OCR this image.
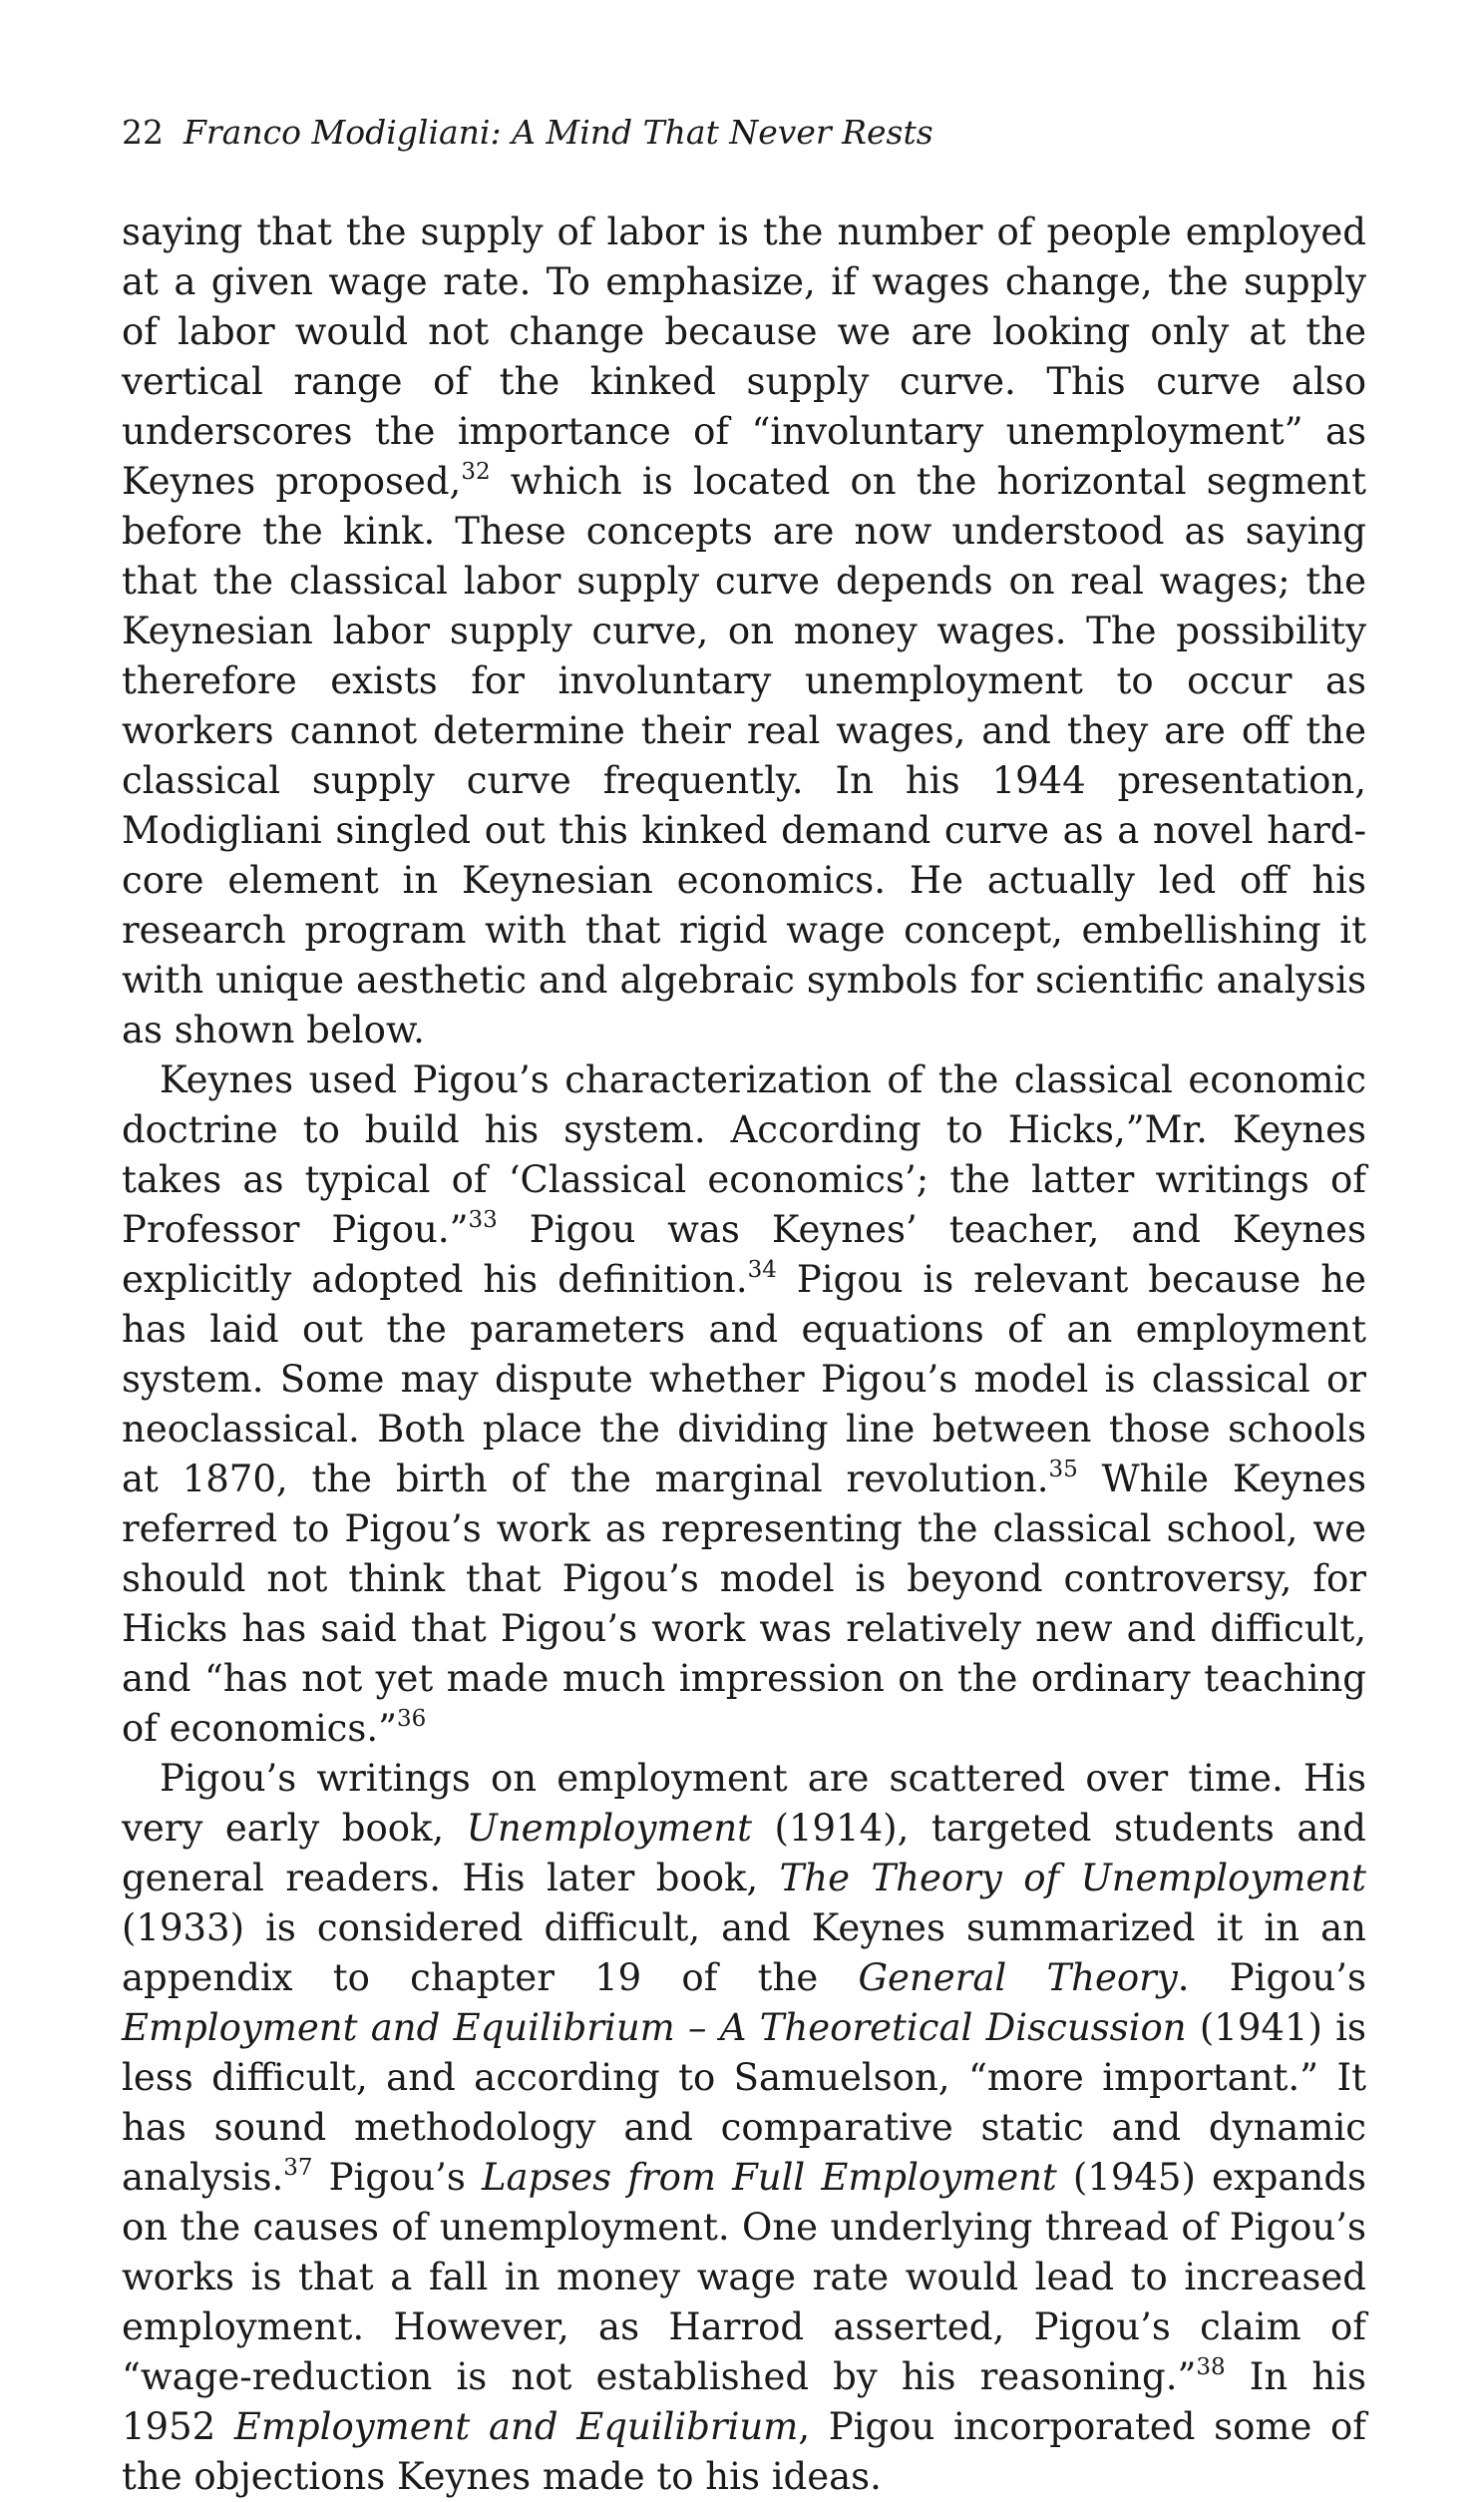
22 Franco Modigliani: A Mind That Never Rests

saying that the supply of labor is the number of people employed at a given wage rate. To emphasize, if wages change, the supply of labor would not change because we are looking only at the vertical range of the kinked supply curve. This curve also underscores the importance of “involuntary unemployment” as Keynes proposed,$^{32}$ which is located on the horizontal segment before the kink. These concepts are now understood as saying that the classical labor supply curve depends on real wages; the Keynesian labor supply curve, on money wages. The possibility therefore exists for involuntary unemployment to occur as workers cannot determine their real wages, and they are off the classical supply curve frequently. In his 1944 presentation, Modigliani singled out this kinked demand curve as a novel hard-core element in Keynesian economics. He actually led off his research program with that rigid wage concept, embellishing it with unique aesthetic and algebraic symbols for scientific analysis as shown below.

Keynes used Pigou’s characterization of the classical economic doctrine to build his system. According to Hicks,”Mr. Keynes takes as typical of ‘Classical economics’; the latter writings of Professor Pigou.”$^{33}$ Pigou was Keynes’ teacher, and Keynes explicitly adopted his definition.$^{34}$ Pigou is relevant because he has laid out the parameters and equations of an employment system. Some may dispute whether Pigou’s model is classical or neoclassical. Both place the dividing line between those schools at 1870, the birth of the marginal revolution.$^{35}$ While Keynes referred to Pigou’s work as representing the classical school, we should not think that Pigou’s model is beyond controversy, for Hicks has said that Pigou’s work was relatively new and difficult, and “has not yet made much impression on the ordinary teaching of economics.”$^{36}$

Pigou’s writings on employment are scattered over time. His very early book, Unemployment (1914), targeted students and general readers. His later book, The Theory of Unemployment (1933) is considered difficult, and Keynes summarized it in an appendix to chapter 19 of the General Theory. Pigou’s Employment and Equilibrium – A Theoretical Discussion (1941) is less difficult, and according to Samuelson, “more important.” It has sound methodology and comparative static and dynamic analysis.$^{37}$ Pigou’s Lapses from Full Employment (1945) expands on the causes of unemployment. One underlying thread of Pigou’s works is that a fall in money wage rate would lead to increased employment. However, as Harrod asserted, Pigou’s claim of “wage-reduction is not established by his reasoning.”$^{38}$ In his 1952 Employment and Equilibrium, Pigou incorporated some of the objections Keynes made to his ideas.
